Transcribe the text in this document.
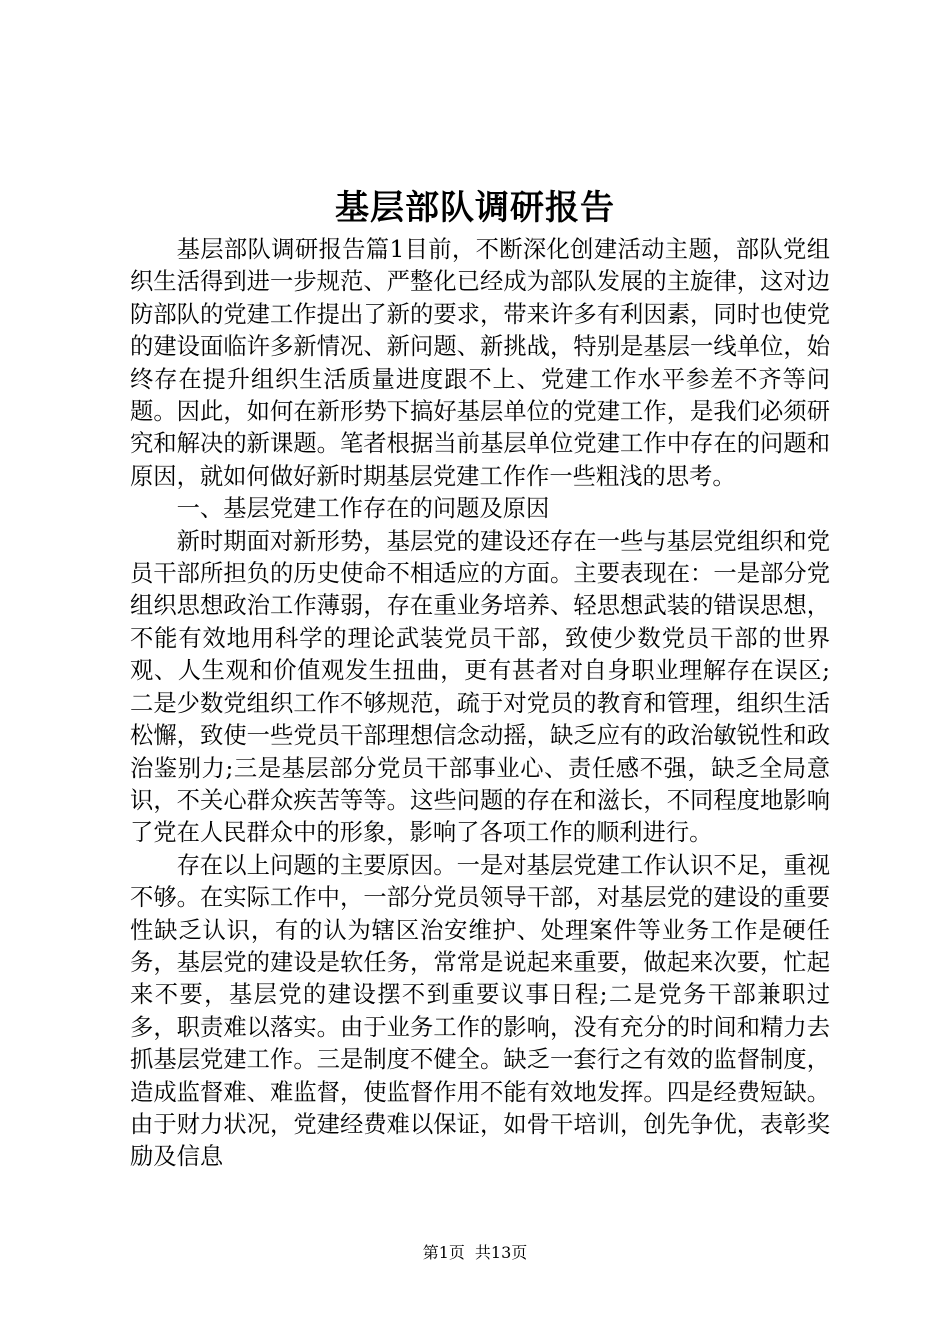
基层部队调研报告

基层部队调研报告篇1目前，不断深化创建活动主题，部队党组织生活得到进一步规范、严整化已经成为部队发展的主旋律，这对边防部队的党建工作提出了新的要求，带来许多有利因素，同时也使党的建设面临许多新情况、新问题、新挑战，特别是基层一线单位，始终存在提升组织生活质量进度跟不上、党建工作水平参差不齐等问题。因此，如何在新形势下搞好基层单位的党建工作，是我们必须研究和解决的新课题。笔者根据当前基层单位党建工作中存在的问题和原因，就如何做好新时期基层党建工作作一些粗浅的思考。

一、基层党建工作存在的问题及原因

新时期面对新形势，基层党的建设还存在一些与基层党组织和党员干部所担负的历史使命不相适应的方面。主要表现在：一是部分党组织思想政治工作薄弱，存在重业务培养、轻思想武装的错误思想，不能有效地用科学的理论武装党员干部，致使少数党员干部的世界观、人生观和价值观发生扭曲，更有甚者对自身职业理解存在误区;二是少数党组织工作不够规范，疏于对党员的教育和管理，组织生活松懈，致使一些党员干部理想信念动摇，缺乏应有的政治敏锐性和政治鉴别力;三是基层部分党员干部事业心、责任感不强，缺乏全局意识，不关心群众疾苦等等。这些问题的存在和滋长，不同程度地影响了党在人民群众中的形象，影响了各项工作的顺利进行。

存在以上问题的主要原因。一是对基层党建工作认识不足，重视不够。在实际工作中，一部分党员领导干部，对基层党的建设的重要性缺乏认识，有的认为辖区治安维护、处理案件等业务工作是硬任务，基层党的建设是软任务，常常是说起来重要，做起来次要，忙起来不要，基层党的建设摆不到重要议事日程;二是党务干部兼职过多，职责难以落实。由于业务工作的影响，没有充分的时间和精力去抓基层党建工作。三是制度不健全。缺乏一套行之有效的监督制度，造成监督难、难监督，使监督作用不能有效地发挥。四是经费短缺。由于财力状况，党建经费难以保证，如骨干培训，创先争优，表彰奖励及信息

第1页 共13页
